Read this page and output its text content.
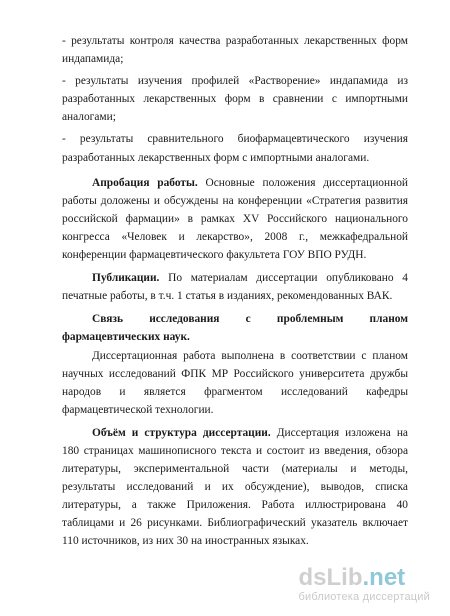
- результаты контроля качества разработанных лекарственных форм индапамида;

- результаты изучения профилей «Растворение» индапамида из разработанных лекарственных форм в сравнении с импортными аналогами;

- результаты сравнительного биофармацевтического изучения разработанных лекарственных форм с импортными аналогами.

Апробация работы. Основные положения диссертационной работы доложены и обсуждены на конференции «Стратегия развития российской фармации» в рамках XV Российского национального конгресса «Человек и лекарство», 2008 г., межкафедральной конференции фармацевтического факультета ГОУ ВПО РУДН.

Публикации. По материалам диссертации опубликовано 4 печатные работы, в т.ч. 1 статья в изданиях, рекомендованных ВАК.

Связь исследования с проблемным планом фармацевтических наук.

Диссертационная работа выполнена в соответствии с планом научных исследований ФПК МР Российского университета дружбы народов и является фрагментом исследований кафедры фармацевтической технологии.

Объём и структура диссертации. Диссертация изложена на 180 страницах машинописного текста и состоит из введения, обзора литературы, экспериментальной части (материалы и методы, результаты исследований и их обсуждение), выводов, списка литературы, а также Приложения. Работа иллюстрирована 40 таблицами и 26 рисунками. Библиографический указатель включает 110 источников, из них 30 на иностранных языках.

ds Lib .net
библиотека диссертаций
